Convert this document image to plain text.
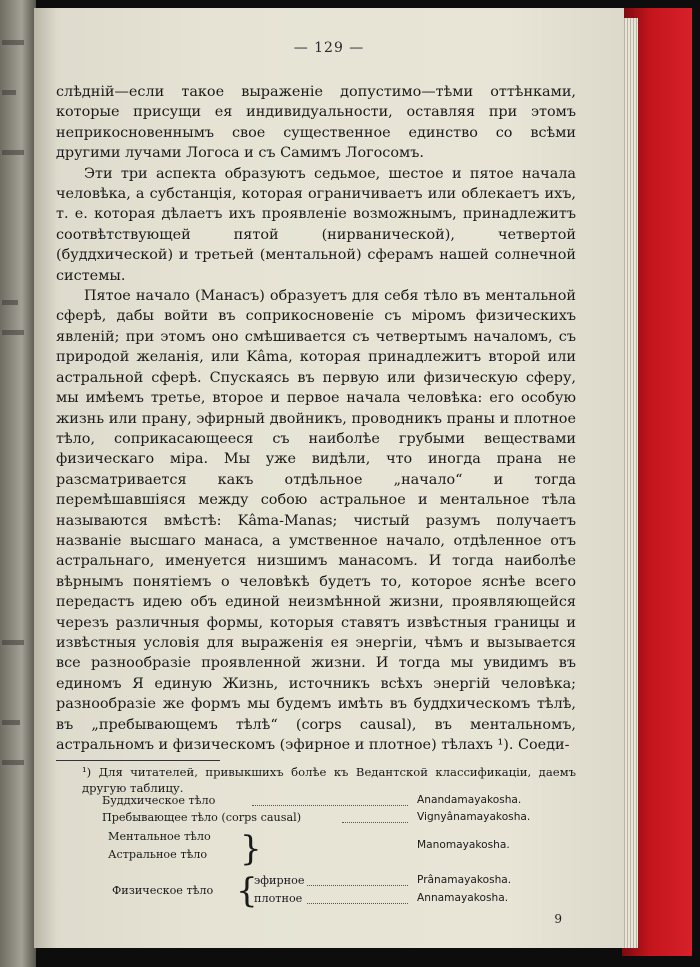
— 129 —

слѣдній—если такое выраженіе допустимо—тѣми оттѣнками, которые присущи ея индивидуальности, оставляя при этомъ неприкосновеннымъ свое существенное единство со всѣми другими лучами Логоса и съ Самимъ Логосомъ.

Эти три аспекта образуютъ седьмое, шестое и пятое начала человѣка, а субстанція, которая ограничиваетъ или облекаетъ ихъ, т. е. которая дѣлаетъ ихъ проявленіе возможнымъ, принадлежитъ соотвѣтствующей пятой (нирванической), четвертой (буддхической) и третьей (ментальной) сферамъ нашей солнечной системы.

Пятое начало (Манасъ) образуетъ для себя тѣло въ ментальной сферѣ, дабы войти въ соприкосновеніе съ міромъ физическихъ явленій; при этомъ оно смѣшивается съ четвертымъ началомъ, съ природой желанія, или Kâma, которая принадлежитъ второй или астральной сферѣ. Спускаясь въ первую или физическую сферу, мы имѣемъ третье, второе и первое начала человѣка: его особую жизнь или прану, эфирный двойникъ, проводникъ праны и плотное тѣло, соприкасающееся съ наиболѣе грубыми веществами физическаго міра. Мы уже видѣли, что иногда прана не разсматривается какъ отдѣльное „начало“ и тогда перемѣшавшіяся между собою астральное и ментальное тѣла называются вмѣстѣ: Kâma-Manas; чистый разумъ получаетъ названіе высшаго манаса, а умственное начало, отдѣленное отъ астральнаго, именуется низшимъ манасомъ. И тогда наиболѣе вѣрнымъ понятіемъ о человѣкѣ будетъ то, которое яснѣе всего передастъ идею объ единой неизмѣнной жизни, проявляющейся черезъ различныя формы, которыя ставятъ извѣстныя границы и извѣстныя условія для выраженія ея энергіи, чѣмъ и вызывается все разнообразіе проявленной жизни. И тогда мы увидимъ въ единомъ Я единую Жизнь, источникъ всѣхъ энергій человѣка; разнообразіе же формъ мы будемъ имѣть въ буддхическомъ тѣлѣ, въ „пребывающемъ тѣлѣ“ (corps causal), въ ментальномъ, астральномъ и физическомъ (эфирное и плотное) тѣлахъ ¹). Соеди-

¹) Для читателей, привыкшихъ болѣе къ Ведантской классификаціи, даемъ другую таблицу.

Буддхическое тѣло	Anandamayakosha.
Пребывающее тѣло (corps causal)	Vignyânamayakosha.
Ментальное тѣло
Астральное тѣло }	Manomayakosha.
Физическое тѣло {
эфирное	Prânamayakosha.
плотное	Annamayakosha.
9
